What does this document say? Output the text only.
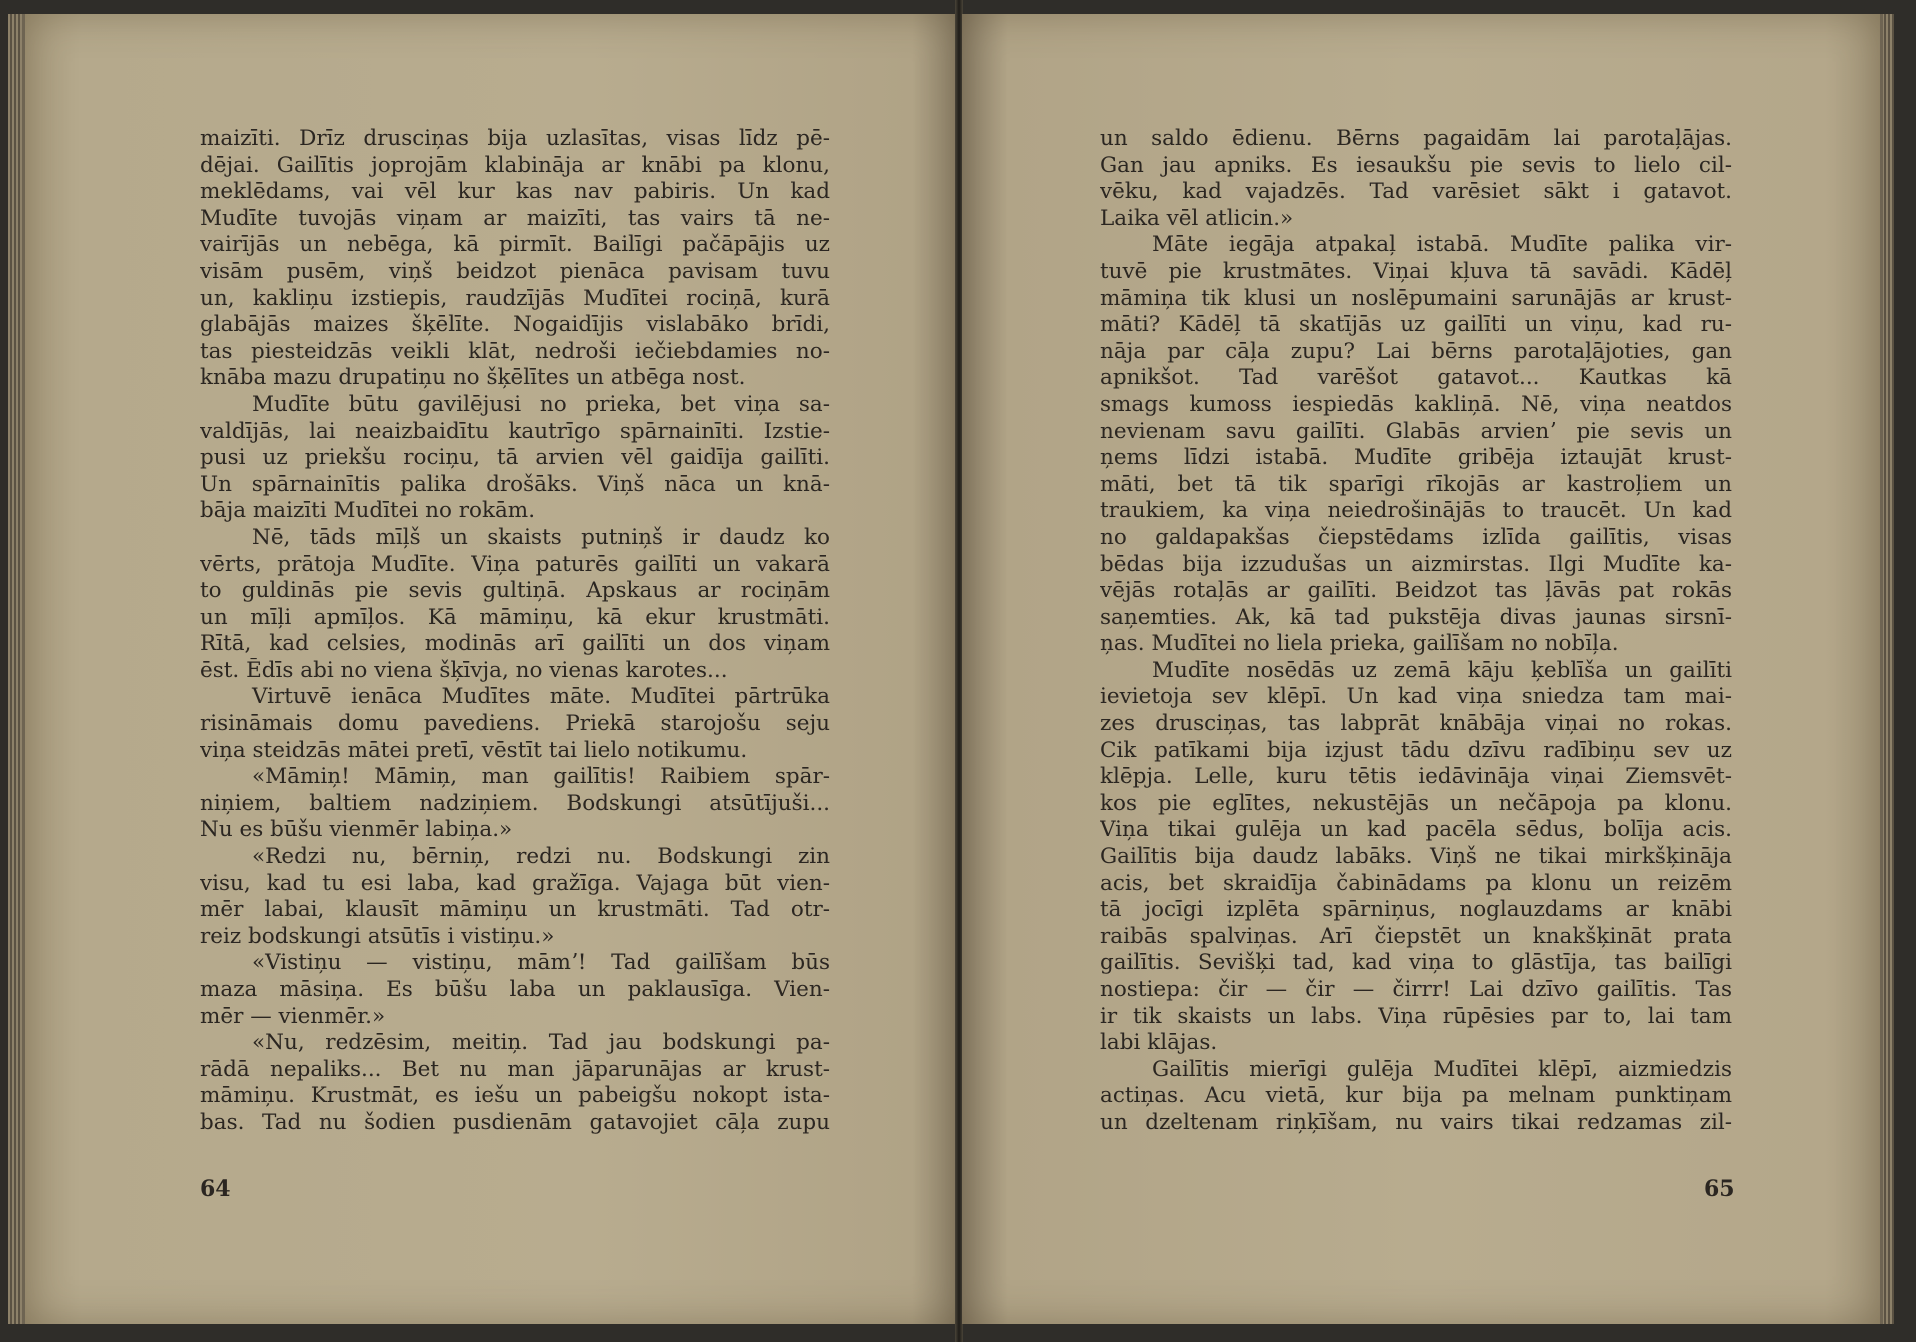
maizīti. Drīz drusciņas bija uzlasītas, visas līdz pē-
dējai. Gailītis joprojām klabināja ar knābi pa klonu,
meklēdams, vai vēl kur kas nav pabiris. Un kad
Mudīte tuvojās viņam ar maizīti, tas vairs tā ne-
vairījās un nebēga, kā pirmīt. Bailīgi pačāpājis uz
visām pusēm, viņš beidzot pienāca pavisam tuvu
un, kakliņu izstiepis, raudzījās Mudītei rociņā, kurā
glabājās maizes šķēlīte. Nogaidījis vislabāko brīdi,
tas piesteidzās veikli klāt, nedroši iečiebdamies no-
knāba mazu drupatiņu no šķēlītes un atbēga nost.
Mudīte būtu gavilējusi no prieka, bet viņa sa-
valdījās, lai neaizbaidītu kautrīgo spārnainīti. Izstie-
pusi uz priekšu rociņu, tā arvien vēl gaidīja gailīti.
Un spārnainītis palika drošāks. Viņš nāca un knā-
bāja maizīti Mudītei no rokām.
Nē, tāds mīļš un skaists putniņš ir daudz ko
vērts, prātoja Mudīte. Viņa paturēs gailīti un vakarā
to guldinās pie sevis gultiņā. Apskaus ar rociņām
un mīļi apmīļos. Kā māmiņu, kā ekur krustmāti.
Rītā, kad celsies, modinās arī gailīti un dos viņam
ēst. Ēdīs abi no viena šķīvja, no vienas karotes...
Virtuvē ienāca Mudītes māte. Mudītei pārtrūka
risināmais domu pavediens. Priekā starojošu seju
viņa steidzās mātei pretī, vēstīt tai lielo notikumu.
«Māmiņ! Māmiņ, man gailītis! Raibiem spār-
niņiem, baltiem nadziņiem. Bodskungi atsūtījuši...
Nu es būšu vienmēr labiņa.»
«Redzi nu, bērniņ, redzi nu. Bodskungi zin
visu, kad tu esi laba, kad gražīga. Vajaga būt vien-
mēr labai, klausīt māmiņu un krustmāti. Tad otr-
reiz bodskungi atsūtīs i vistiņu.»
«Vistiņu — vistiņu, māmʼ! Tad gailīšam būs
maza māsiņa. Es būšu laba un paklausīga. Vien-
mēr — vienmēr.»
«Nu, redzēsim, meitiņ. Tad jau bodskungi pa-
rādā nepaliks... Bet nu man jāparunājas ar krust-
māmiņu. Krustmāt, es iešu un pabeigšu nokopt ista-
bas. Tad nu šodien pusdienām gatavojiet cāļa zupu
un saldo ēdienu. Bērns pagaidām lai parotaļājas.
Gan jau apniks. Es iesaukšu pie sevis to lielo cil-
vēku, kad vajadzēs. Tad varēsiet sākt i gatavot.
Laika vēl atlicin.»
Māte iegāja atpakaļ istabā. Mudīte palika vir-
tuvē pie krustmātes. Viņai kļuva tā savādi. Kādēļ
māmiņa tik klusi un noslēpumaini sarunājās ar krust-
māti? Kādēļ tā skatījās uz gailīti un viņu, kad ru-
nāja par cāļa zupu? Lai bērns parotaļājoties, gan
apnikšot. Tad varēšot gatavot... Kautkas kā
smags kumoss iespiedās kakliņā. Nē, viņa neatdos
nevienam savu gailīti. Glabās arvienʼ pie sevis un
ņems līdzi istabā. Mudīte gribēja iztaujāt krust-
māti, bet tā tik sparīgi rīkojās ar kastroļiem un
traukiem, ka viņa neiedrošinājās to traucēt. Un kad
no galdapakšas čiepstēdams izlīda gailītis, visas
bēdas bija izzudušas un aizmirstas. Ilgi Mudīte ka-
vējās rotaļās ar gailīti. Beidzot tas ļāvās pat rokās
saņemties. Ak, kā tad pukstēja divas jaunas sirsnī-
ņas. Mudītei no liela prieka, gailīšam no nobīļa.
Mudīte nosēdās uz zemā kāju ķeblīša un gailīti
ievietoja sev klēpī. Un kad viņa sniedza tam mai-
zes drusciņas, tas labprāt knābāja viņai no rokas.
Cik patīkami bija izjust tādu dzīvu radībiņu sev uz
klēpja. Lelle, kuru tētis iedāvināja viņai Ziemsvēt-
kos pie eglītes, nekustējās un nečāpoja pa klonu.
Viņa tikai gulēja un kad pacēla sēdus, bolīja acis.
Gailītis bija daudz labāks. Viņš ne tikai mirkšķināja
acis, bet skraidīja čabinādams pa klonu un reizēm
tā jocīgi izplēta spārniņus, noglauzdams ar knābi
raibās spalviņas. Arī čiepstēt un knakšķināt prata
gailītis. Sevišķi tad, kad viņa to glāstīja, tas bailīgi
nostiepa: čir — čir — čirrr! Lai dzīvo gailītis. Tas
ir tik skaists un labs. Viņa rūpēsies par to, lai tam
labi klājas.
Gailītis mierīgi gulēja Mudītei klēpī, aizmiedzis
actiņas. Acu vietā, kur bija pa melnam punktiņam
un dzeltenam riņķīšam, nu vairs tikai redzamas zil-
64	65
